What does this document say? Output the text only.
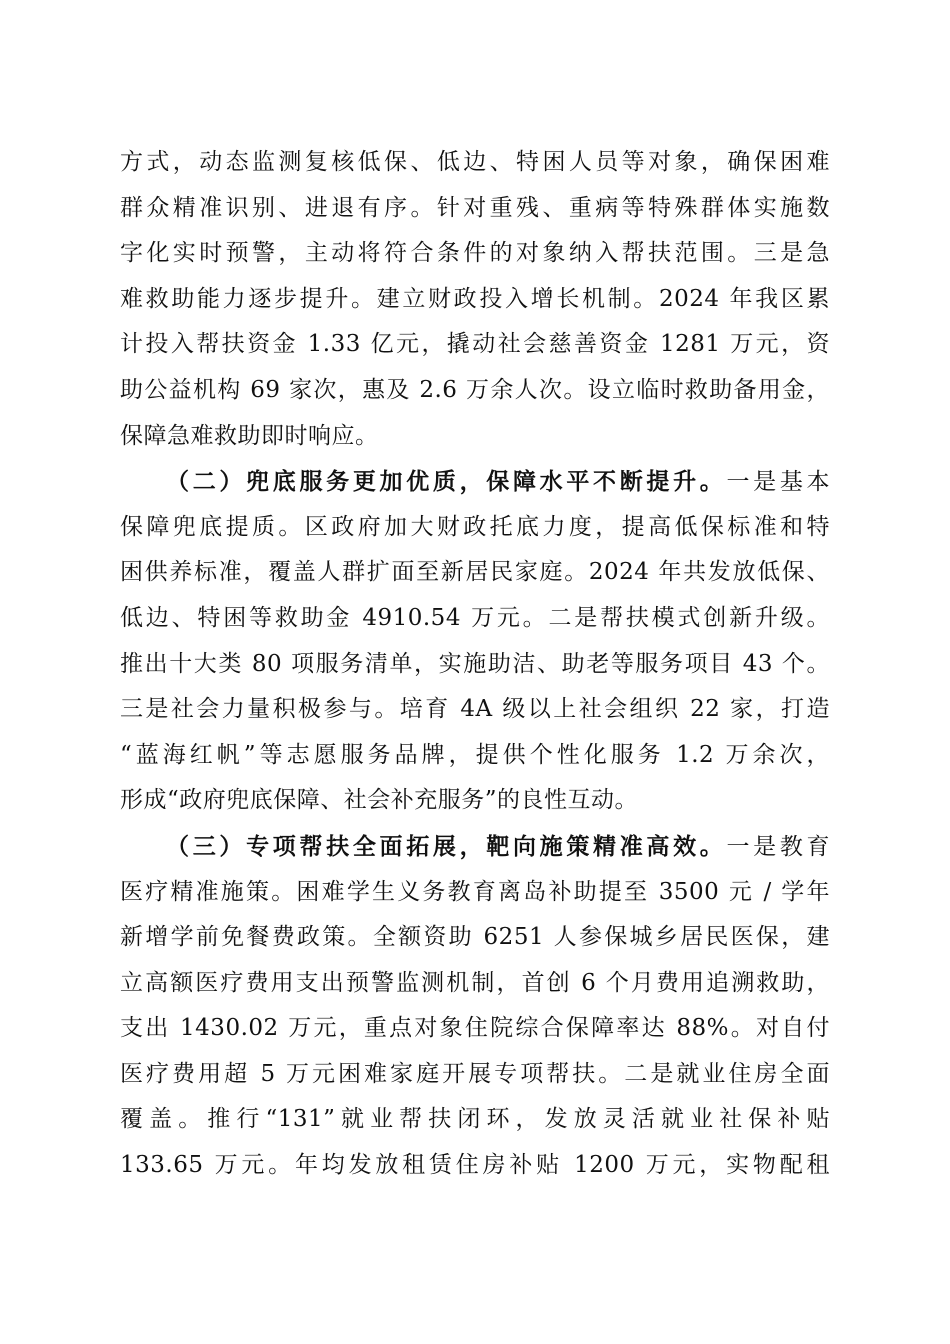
方式，动态监测复核低保、低边、特困人员等对象，确保困难
群众精准识别、进退有序。针对重残、重病等特殊群体实施数
字化实时预警，主动将符合条件的对象纳入帮扶范围。三是急
难救助能力逐步提升。建立财政投入增长机制。2024 年我区累
计投入帮扶资金 1.33 亿元，撬动社会慈善资金 1281 万元，资
助公益机构 69 家次，惠及 2.6 万余人次。设立临时救助备用金，
保障急难救助即时响应。
（二）兜底服务更加优质，保障水平不断提升。一是基本
保障兜底提质。区政府加大财政托底力度，提高低保标准和特
困供养标准，覆盖人群扩面至新居民家庭。2024 年共发放低保、
低边、特困等救助金 4910.54 万元。二是帮扶模式创新升级。
推出十大类 80 项服务清单，实施助洁、助老等服务项目 43 个。
三是社会力量积极参与。培育 4A 级以上社会组织 22 家，打造
“蓝海红帆”等志愿服务品牌，提供个性化服务 1.2 万余次，
形成“政府兜底保障、社会补充服务”的良性互动。
（三）专项帮扶全面拓展，靶向施策精准高效。一是教育
医疗精准施策。困难学生义务教育离岛补助提至 3500 元 / 学年
新增学前免餐费政策。全额资助 6251 人参保城乡居民医保，建
立高额医疗费用支出预警监测机制，首创 6 个月费用追溯救助，
支出 1430.02 万元，重点对象住院综合保障率达 88%。对自付
医疗费用超 5 万元困难家庭开展专项帮扶。二是就业住房全面
覆盖。推行“131”就业帮扶闭环，发放灵活就业社保补贴
133.65 万元。年均发放租赁住房补贴 1200 万元，实物配租
